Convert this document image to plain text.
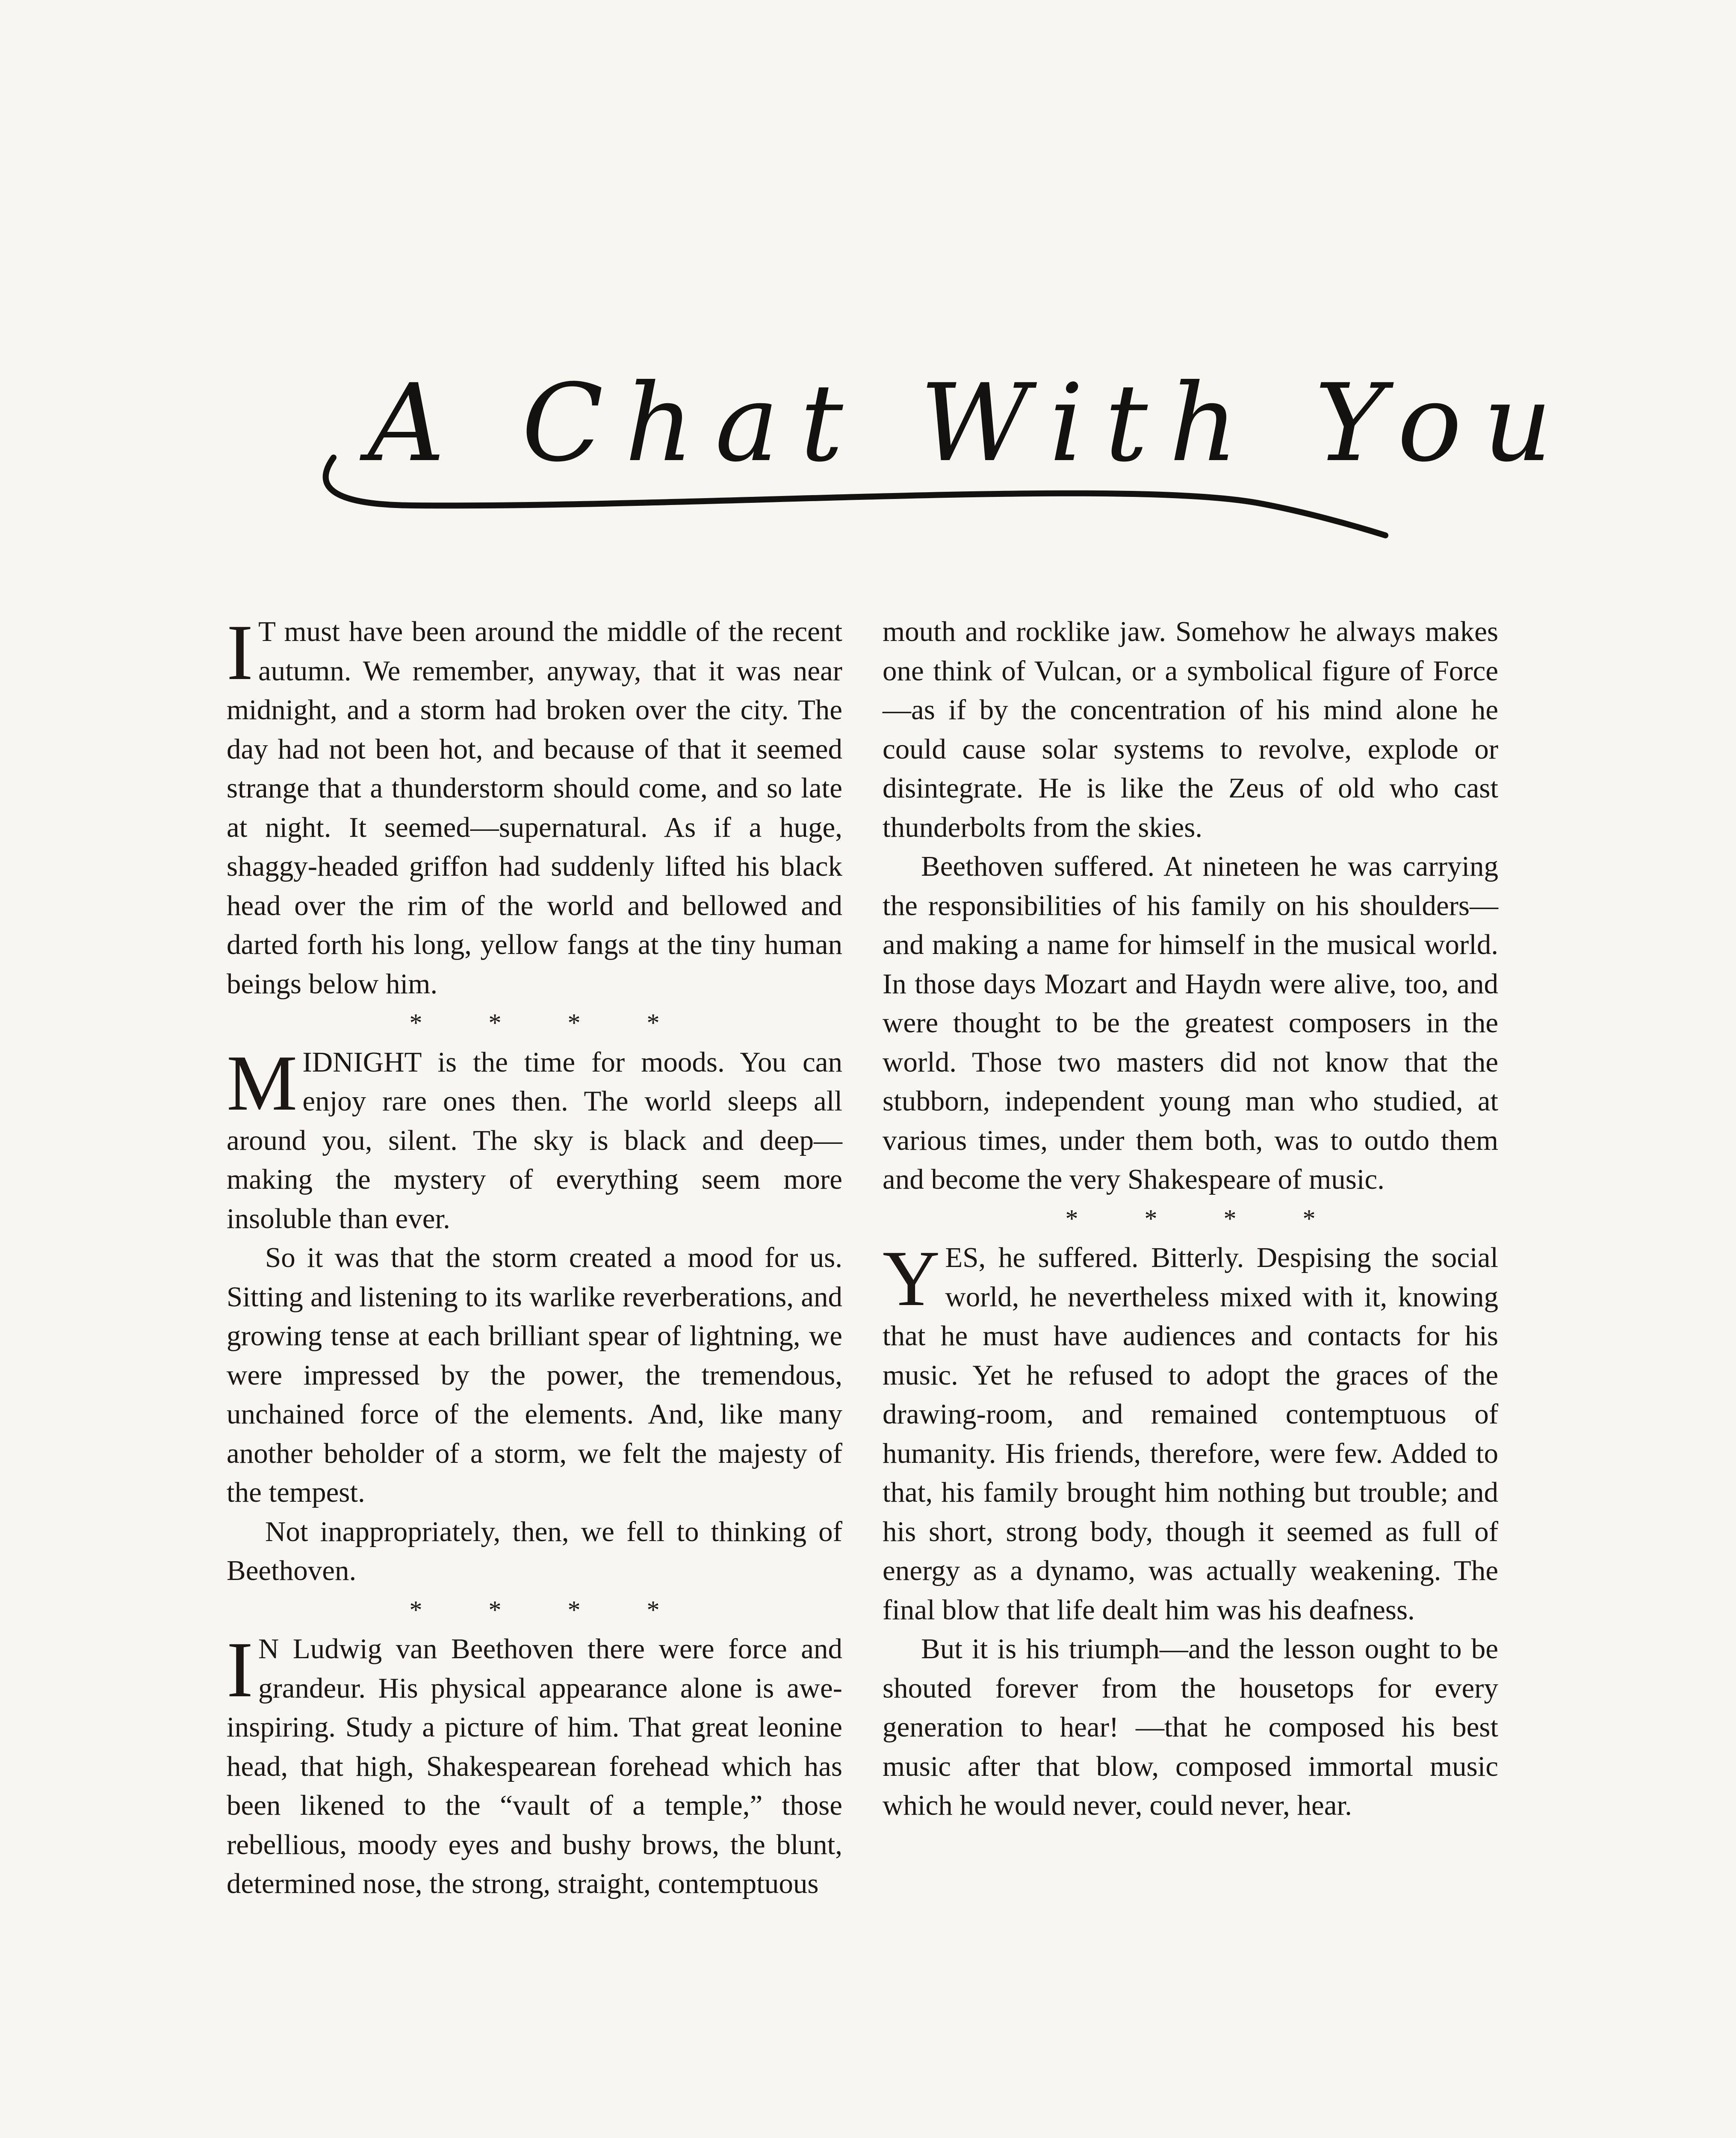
A Chat With You

I T must have been around the middle of the recent autumn. We remember, anyway, that it was near midnight, and a storm had broken over the city. The day had not been hot, and because of that it seemed strange that a thunderstorm should come, and so late at night. It seemed—supernatural. As if a huge, shaggy-headed griffon had suddenly lifted his black head over the rim of the world and bellowed and darted forth his long, yellow fangs at the tiny human beings below him.

* * * *

MIDNIGHT is the time for moods. You can enjoy rare ones then. The world sleeps all around you, silent. The sky is black and deep—making the mystery of everything seem more insoluble than ever.

So it was that the storm created a mood for us. Sitting and listening to its warlike reverberations, and growing tense at each brilliant spear of lightning, we were impressed by the power, the tremendous, unchained force of the elements. And, like many another beholder of a storm, we felt the majesty of the tempest.

Not inappropriately, then, we fell to thinking of Beethoven.

* * * *

I N Ludwig van Beethoven there were force and grandeur. His physical appearance alone is awe-inspiring. Study a picture of him. That great leonine head, that high, Shakespearean forehead which has been likened to the “vault of a temple,” those rebellious, moody eyes and bushy brows, the blunt, determined nose, the strong, straight, contemptuous

mouth and rocklike jaw. Somehow he always makes one think of Vulcan, or a symbolical figure of Force—as if by the concentration of his mind alone he could cause solar systems to revolve, explode or disintegrate. He is like the Zeus of old who cast thunderbolts from the skies.

Beethoven suffered. At nineteen he was carrying the responsibilities of his family on his shoulders—and making a name for himself in the musical world. In those days Mozart and Haydn were alive, too, and were thought to be the greatest composers in the world. Those two masters did not know that the stubborn, independent young man who studied, at various times, under them both, was to outdo them and become the very Shakespeare of music.

* * * *

YES, he suffered. Bitterly. Despising the social world, he nevertheless mixed with it, knowing that he must have audiences and contacts for his music. Yet he refused to adopt the graces of the drawing-room, and remained contemptuous of humanity. His friends, therefore, were few. Added to that, his family brought him nothing but trouble; and his short, strong body, though it seemed as full of energy as a dynamo, was actually weakening. The final blow that life dealt him was his deafness.

But it is his triumph—and the lesson ought to be shouted forever from the housetops for every generation to hear! —that he composed his best music after that blow, composed immortal music which he would never, could never, hear.
